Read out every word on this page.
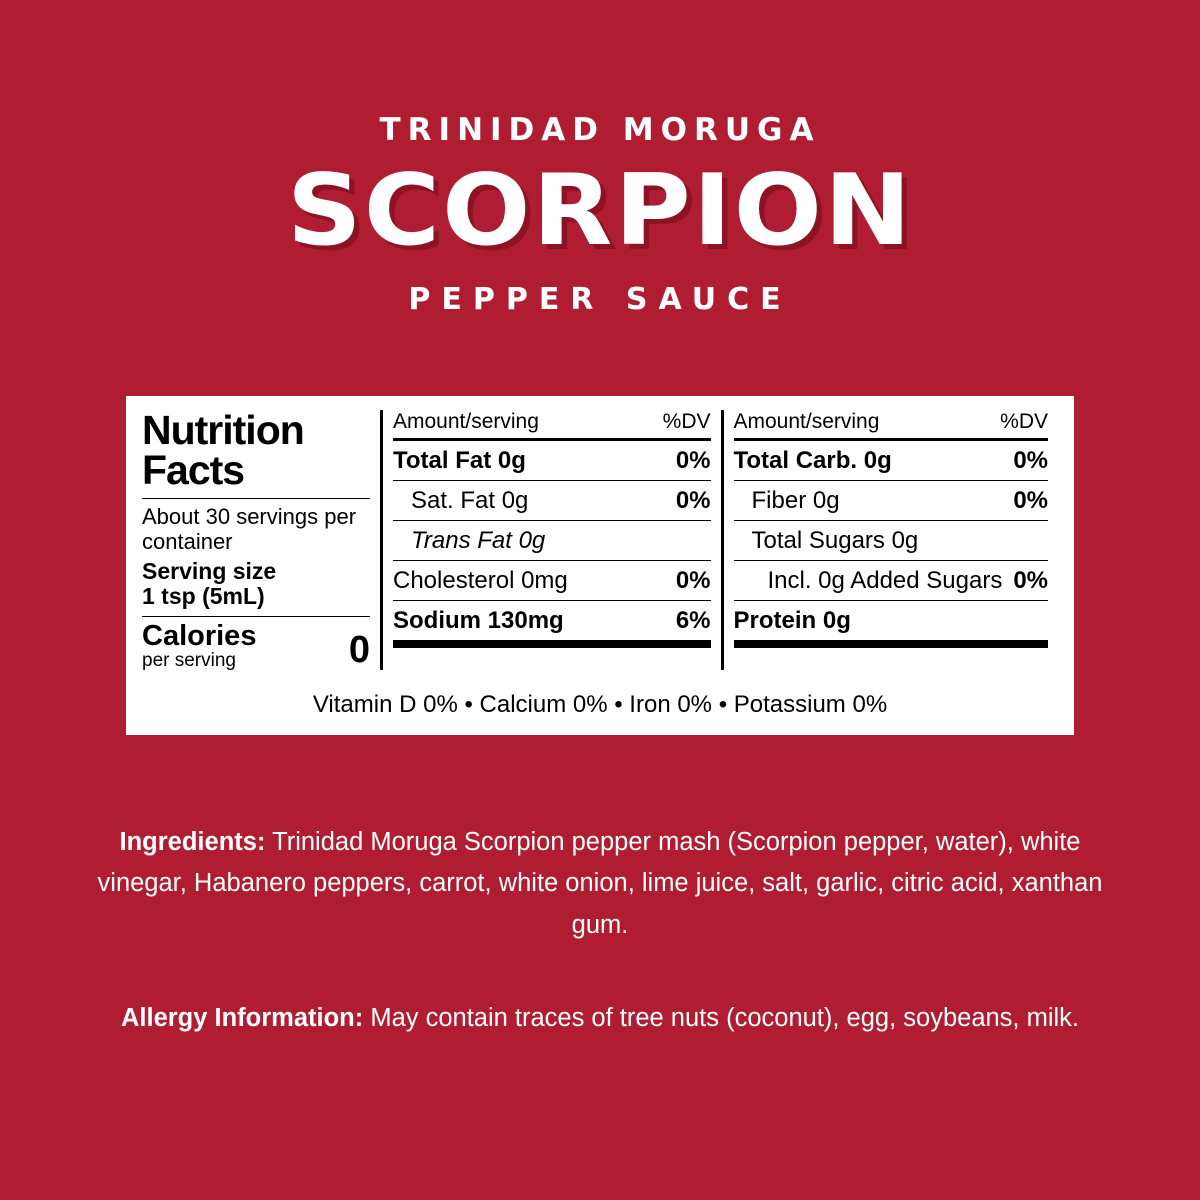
TRINIDAD MORUGA
SCORPION
PEPPER SAUCE
Nutrition
Facts
About 30 servings per container
Serving size
1 tsp (5mL)
Calories
per serving	0
Amount/serving	%DV
Total Fat 0g	0%
Sat. Fat 0g	0%
Trans Fat 0g
Cholesterol 0mg	0%
Sodium 130mg	6%
Amount/serving	%DV
Total Carb. 0g	0%
Fiber 0g	0%
Total Sugars 0g
Incl. 0g Added Sugars 0%
Protein 0g
Vitamin D 0% • Calcium 0% • Iron 0% • Potassium 0%
Ingredients: Trinidad Moruga Scorpion pepper mash (Scorpion pepper, water), white vinegar, Habanero peppers, carrot, white onion, lime juice, salt, garlic, citric acid, xanthan gum.
Allergy Information: May contain traces of tree nuts (coconut), egg, soybeans, milk.
